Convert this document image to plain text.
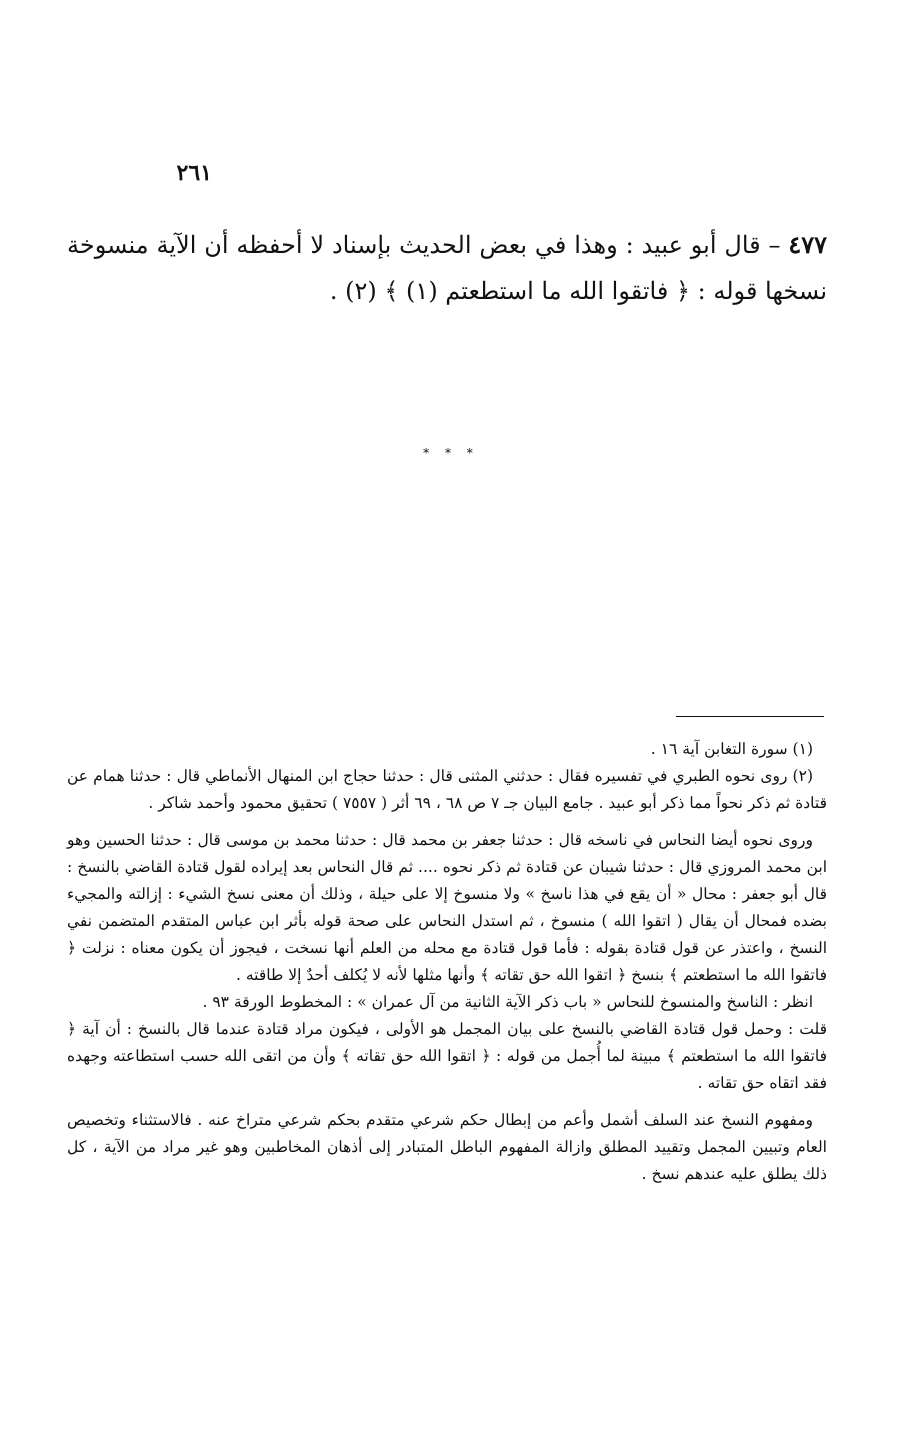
٢٦١
٤٧٧ – قال أبو عبيد : وهذا في بعض الحديث بإسناد لا أحفظه أن الآية منسوخة نسخها قوله : ﴿ فاتقوا الله ما استطعتم (١) ﴾ (٢) .
* * *

(١) سورة التغابن آية ١٦ .

(٢) روى نحوه الطبري في تفسيره فقال : حدثني المثنى قال : حدثنا حجاج ابن المنهال الأنماطي قال : حدثنا همام عن قتادة ثم ذكر نحواً مما ذكر أبو عبيد . جامع البيان جـ ٧ ص ٦٨ ، ٦٩ أثر ( ٧٥٥٧ ) تحقيق محمود وأحمد شاكر .

وروى نحوه أيضا النحاس في ناسخه قال : حدثنا جعفر بن محمد قال : حدثنا محمد بن موسى قال : حدثنا الحسين وهو ابن محمد المروزي قال : حدثنا شيبان عن قتادة ثم ذكر نحوه .... ثم قال النحاس بعد إيراده لقول قتادة القاضي بالنسخ : قال أبو جعفر : محال « أن يقع في هذا ناسخ » ولا منسوخ إلا على حيلة ، وذلك أن معنى نسخ الشيء : إزالته والمجيء بضده فمحال أن يقال ( اتقوا الله ) منسوخ ، ثم استدل النحاس على صحة قوله بأثر ابن عباس المتقدم المتضمن نفي النسخ ، واعتذر عن قول قتادة بقوله : فأما قول قتادة مع محله من العلم أنها نسخت ، فيجوز أن يكون معناه : نزلت ﴿ فاتقوا الله ما استطعتم ﴾ بنسخ ﴿ اتقوا الله حق تقاته ﴾ وأنها مثلها لأنه لا يُكلف أحدٌ إلا طاقته .

انظر : الناسخ والمنسوخ للنحاس « باب ذكر الآية الثانية من آل عمران » : المخطوط الورقة ٩٣ .

قلت : وحمل قول قتادة القاضي بالنسخ على بيان المجمل هو الأولى ، فيكون مراد قتادة عندما قال بالنسخ : أن آية ﴿ فاتقوا الله ما استطعتم ﴾ مبينة لما أُجمل من قوله : ﴿ اتقوا الله حق تقاته ﴾ وأن من اتقى الله حسب استطاعته وجهده فقد اتقاه حق تقاته .

ومفهوم النسخ عند السلف أشمل وأعم من إبطال حكم شرعي متقدم بحكم شرعي متراخ عنه . فالاستثناء وتخصيص العام وتبيين المجمل وتقييد المطلق وازالة المفهوم الباطل المتبادر إلى أذهان المخاطبين وهو غير مراد من الآية ، كل ذلك يطلق عليه عندهم نسخ .
